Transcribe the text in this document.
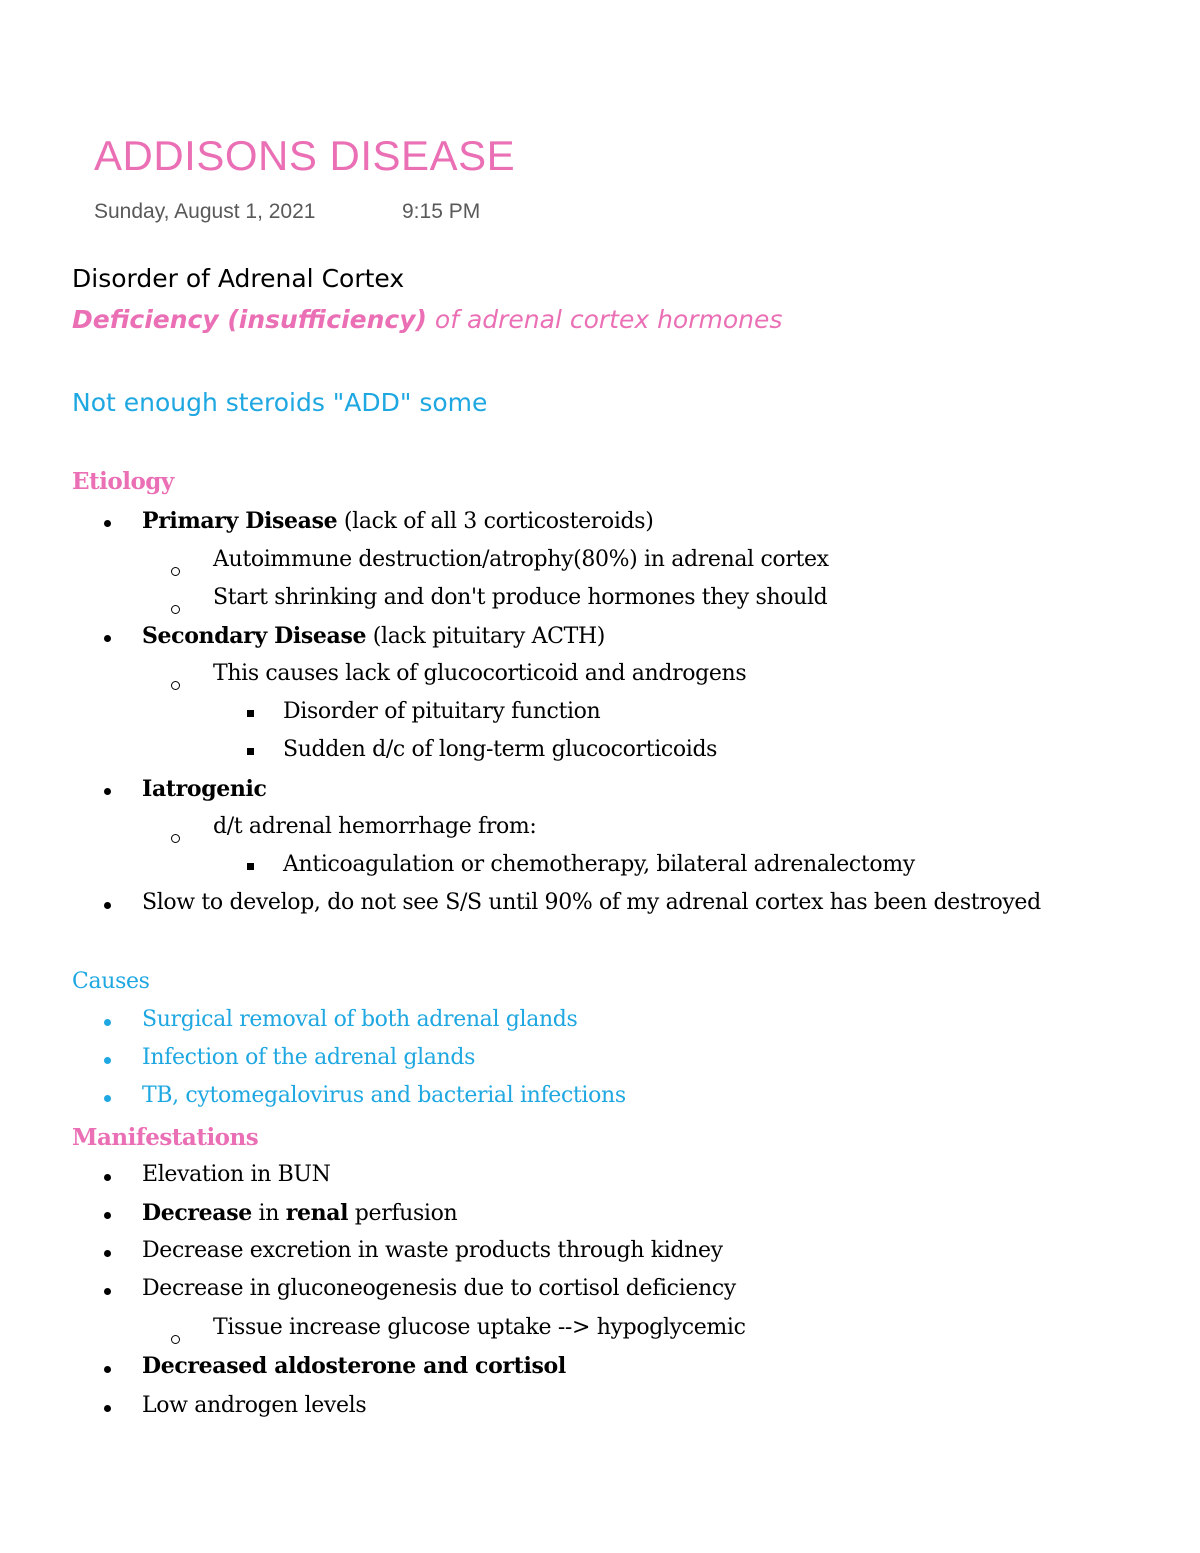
ADDISONS DISEASE
Sunday, August 1, 2021	9:15 PM
Disorder of Adrenal Cortex
Deficiency (insufficiency) of adrenal cortex hormones
Not enough steroids "ADD" some
Etiology
Primary Disease (lack of all 3 corticosteroids)
Autoimmune destruction/atrophy(80%) in adrenal cortex
Start shrinking and don't produce hormones they should
Secondary Disease (lack pituitary ACTH)
This causes lack of glucocorticoid and androgens
Disorder of pituitary function
Sudden d/c of long-term glucocorticoids
Iatrogenic
d/t adrenal hemorrhage from:
Anticoagulation or chemotherapy, bilateral adrenalectomy
Slow to develop, do not see S/S until 90% of my adrenal cortex has been destroyed
Causes
Surgical removal of both adrenal glands
Infection of the adrenal glands
TB, cytomegalovirus and bacterial infections
Manifestations
Elevation in BUN
Decrease in renal perfusion
Decrease excretion in waste products through kidney
Decrease in gluconeogenesis due to cortisol deficiency
Tissue increase glucose uptake --> hypoglycemic
Decreased aldosterone and cortisol
Low androgen levels
